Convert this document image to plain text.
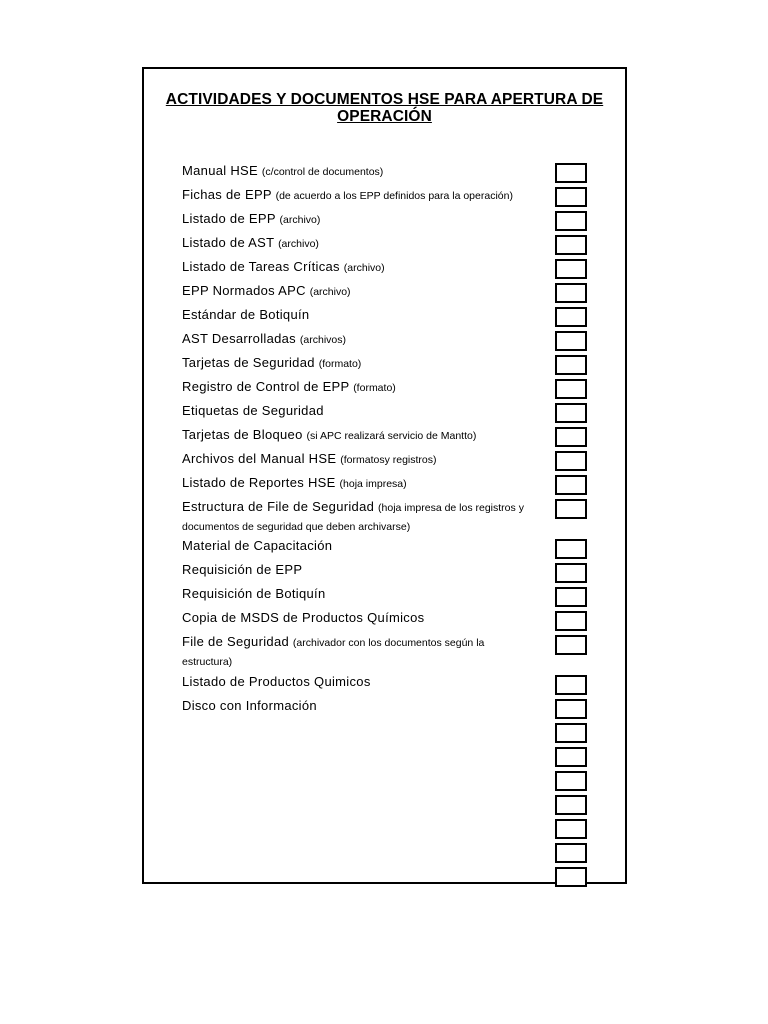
ACTIVIDADES Y DOCUMENTOS HSE PARA APERTURA DE OPERACIÓN
Manual HSE (c/control de documentos)
Fichas de EPP (de acuerdo a los EPP definidos para la operación)
Listado de EPP (archivo)
Listado de AST (archivo)
Listado de Tareas Críticas (archivo)
EPP Normados APC (archivo)
Estándar de Botiquín
AST Desarrolladas (archivos)
Tarjetas de Seguridad (formato)
Registro de Control de EPP (formato)
Etiquetas de Seguridad
Tarjetas de Bloqueo (si APC realizará servicio de Mantto)
Archivos del Manual HSE (formatosy registros)
Listado de Reportes HSE (hoja impresa)
Estructura de File de Seguridad (hoja impresa de los registros y documentos de seguridad que deben archivarse)
Material de Capacitación
Requisición de EPP
Requisición de Botiquín
Copia de MSDS de Productos Químicos
File de Seguridad (archivador con los documentos según la estructura)
Listado de Productos Quimicos
Disco con Información
